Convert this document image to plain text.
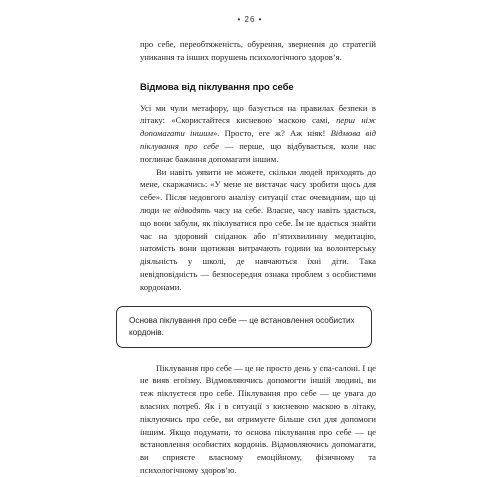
• 26 •

про себе, переобтяженість, обурення, звернення до стратегій уникання та інших порушень психологічного здоров’я.

Відмова від піклування про себе

Усі ми чули метафору, що базується на правилах безпеки в літаку: «Скористайтеся кисневою маскою самі, перш ніж допомагати іншим». Просто, еге ж? Аж ніяк! Відмова від піклування про себе — перше, що відбувається, коли нас поглинає бажання допомагати іншим.

Ви навіть уявити не можете, скільки людей приходять до мене, скаржачись: «У мене не вистачає часу зробити щось для себе». Після недовгого аналізу ситуації стає очевидним, що ці люди не відводять часу на себе. Власне, часу навіть здається, що вони забули, як піклуватися про себе. Їм не вдається знайти час на здоровий сніданок або п’ятихвилинну медитацію, натомість вони щотижня витрачають години на волонтерську діяльність у школі, де навчаються їхні діти. Така невідповідність — безпосередня ознака проблем з особистими кордонами.

Основа піклування про себе — це встановлення особистих кордонів.

Піклування про себе — це не просто день у спа-салоні. І це не вияв егоїзму. Відмовляючись допомогти іншій людині, ви теж піклуєтеся про себе. Піклування про себе — це увага до власних потреб. Як і в ситуації з кисневою маскою в літаку, піклуючись про себе, ви отримуєте більше сил для допомоги іншим. Якщо подумати, то основа піклування про себе — це встановлення особистих кордонів. Відмовляючись допомагати, ви сприяєте власному емоційному, фізичному та психологічному здоров’ю.
